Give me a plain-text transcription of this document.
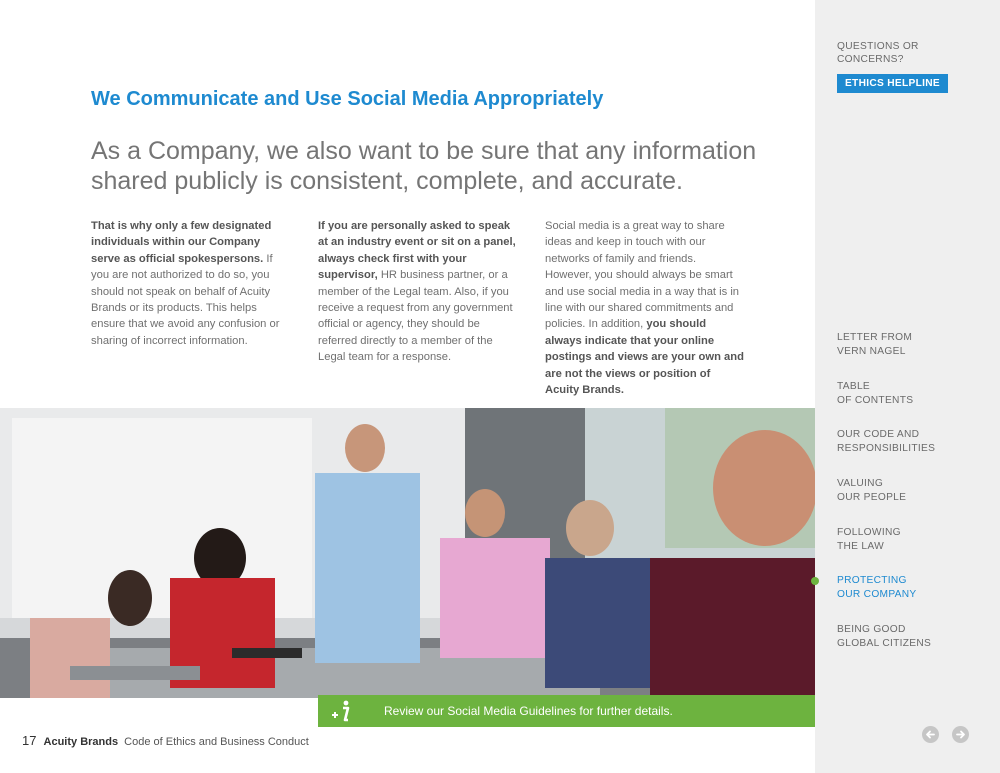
We Communicate and Use Social Media Appropriately

As a Company, we also want to be sure that any information shared publicly is consistent, complete, and accurate.

That is why only a few designated individuals within our Company serve as official spokespersons. If you are not authorized to do so, you should not speak on behalf of Acuity Brands or its products. This helps ensure that we avoid any confusion or sharing of incorrect information.
If you are personally asked to speak at an industry event or sit on a panel, always check first with your supervisor, HR business partner, or a member of the Legal team. Also, if you receive a request from any government official or agency, they should be referred directly to a member of the Legal team for a response.
Social media is a great way to share ideas and keep in touch with our networks of family and friends. However, you should always be smart and use social media in a way that is in line with our shared commitments and policies. In addition, you should always indicate that your online postings and views are your own and are not the views or position of Acuity Brands.
Review our Social Media Guidelines for further details.
17 Acuity Brands Code of Ethics and Business Conduct
QUESTIONS OR CONCERNS?
ETHICS HELPLINE
LETTER FROM
VERN NAGEL
TABLE
OF CONTENTS
OUR CODE AND
RESPONSIBILITIES
VALUING
OUR PEOPLE
FOLLOWING
THE LAW
PROTECTING
OUR COMPANY
BEING GOOD
GLOBAL CITIZENS
